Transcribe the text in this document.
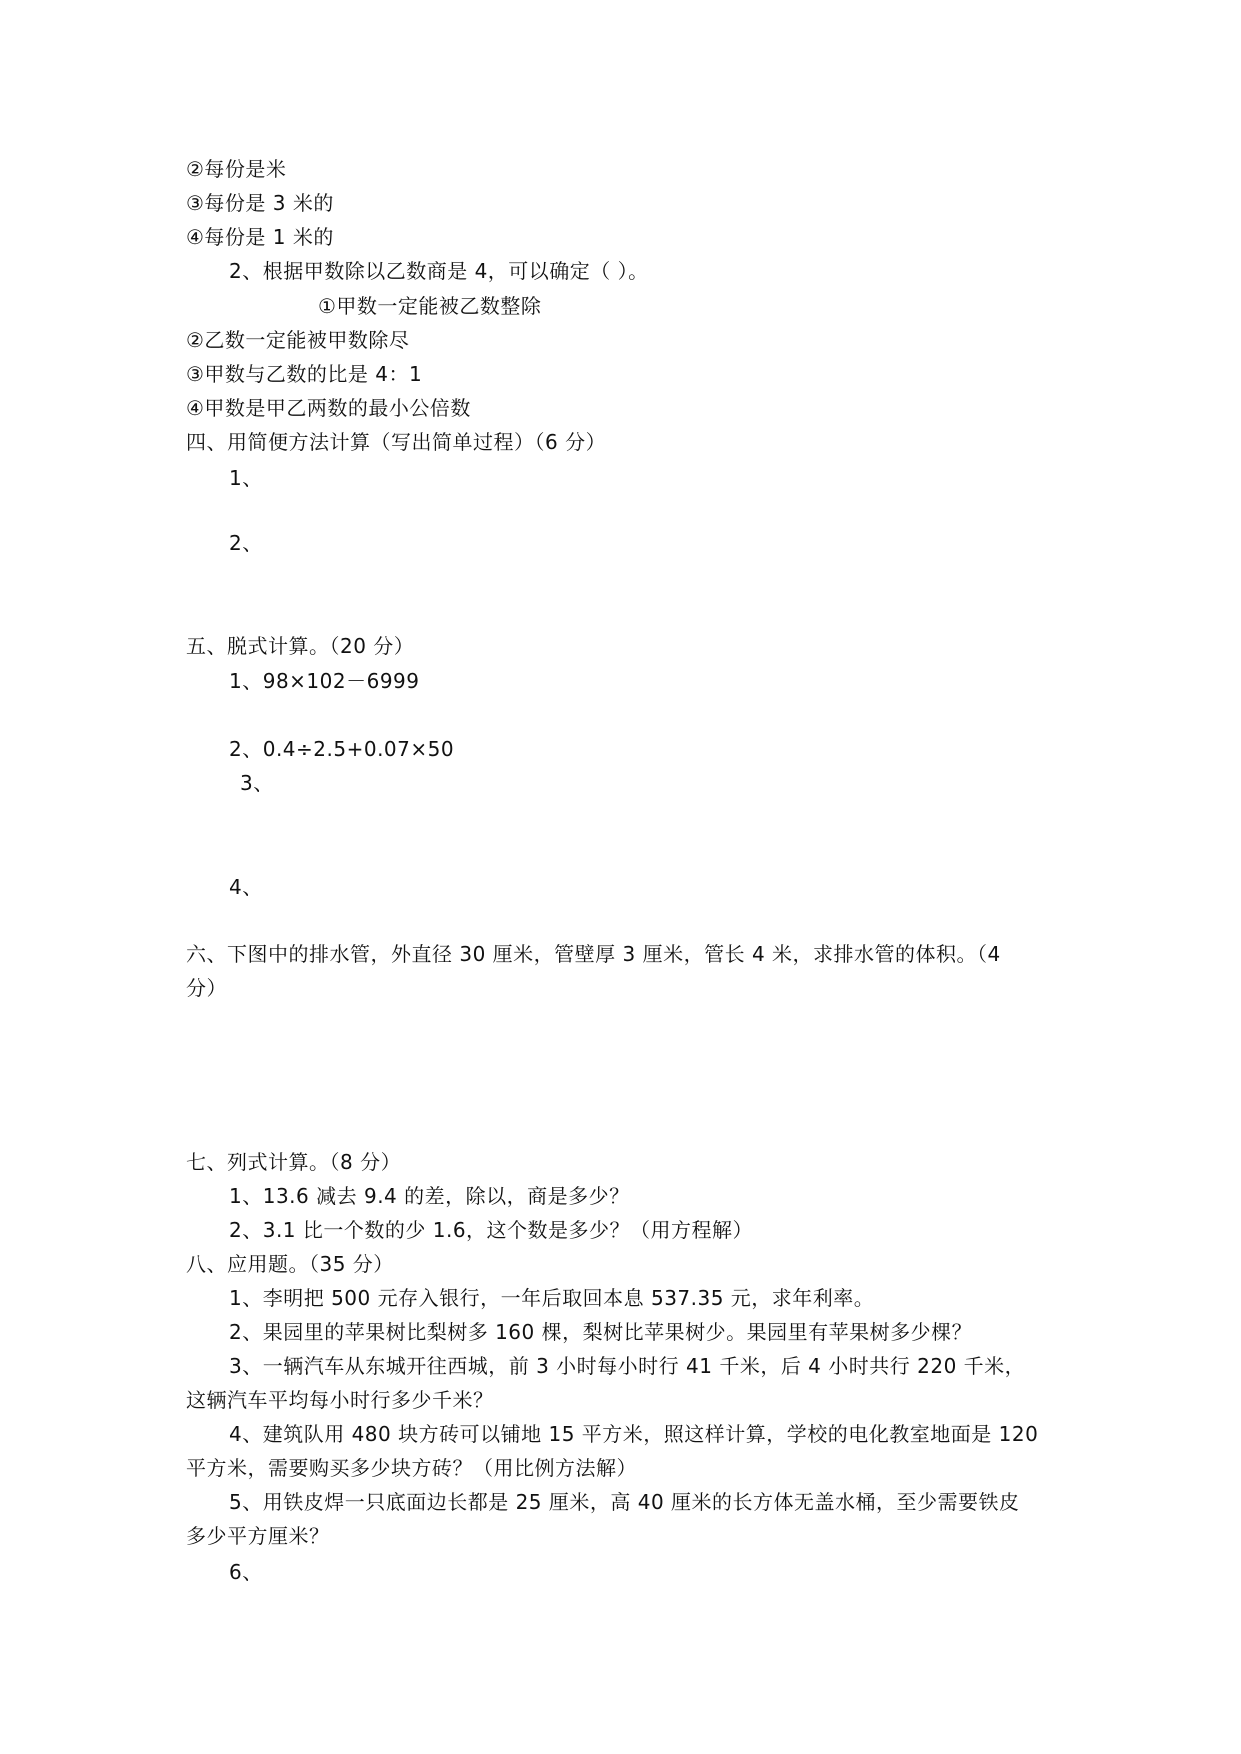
②每份是米
③每份是 3 米的
④每份是 1 米的
2、根据甲数除以乙数商是 4，可以确定（ ）。
①甲数一定能被乙数整除
②乙数一定能被甲数除尽
③甲数与乙数的比是 4：1
④甲数是甲乙两数的最小公倍数
四、用简便方法计算（写出简单过程）（6 分）
1、
2、
五、脱式计算。（20 分）
1、98×102－6999
2、0.4÷2.5+0.07×50
3、
4、
六、下图中的排水管，外直径 30 厘米，管壁厚 3 厘米，管长 4 米，求排水管的体积。（4
分）
七、列式计算。（8 分）
1、13.6 减去 9.4 的差，除以，商是多少？
2、3.1 比一个数的少 1.6，这个数是多少？（用方程解）
八、应用题。（35 分）
1、李明把 500 元存入银行，一年后取回本息 537.35 元，求年利率。
2、果园里的苹果树比梨树多 160 棵，梨树比苹果树少。果园里有苹果树多少棵？
3、一辆汽车从东城开往西城，前 3 小时每小时行 41 千米，后 4 小时共行 220 千米，
这辆汽车平均每小时行多少千米？
4、建筑队用 480 块方砖可以铺地 15 平方米，照这样计算，学校的电化教室地面是 120
平方米，需要购买多少块方砖？（用比例方法解）
5、用铁皮焊一只底面边长都是 25 厘米，高 40 厘米的长方体无盖水桶，至少需要铁皮
多少平方厘米？
6、
